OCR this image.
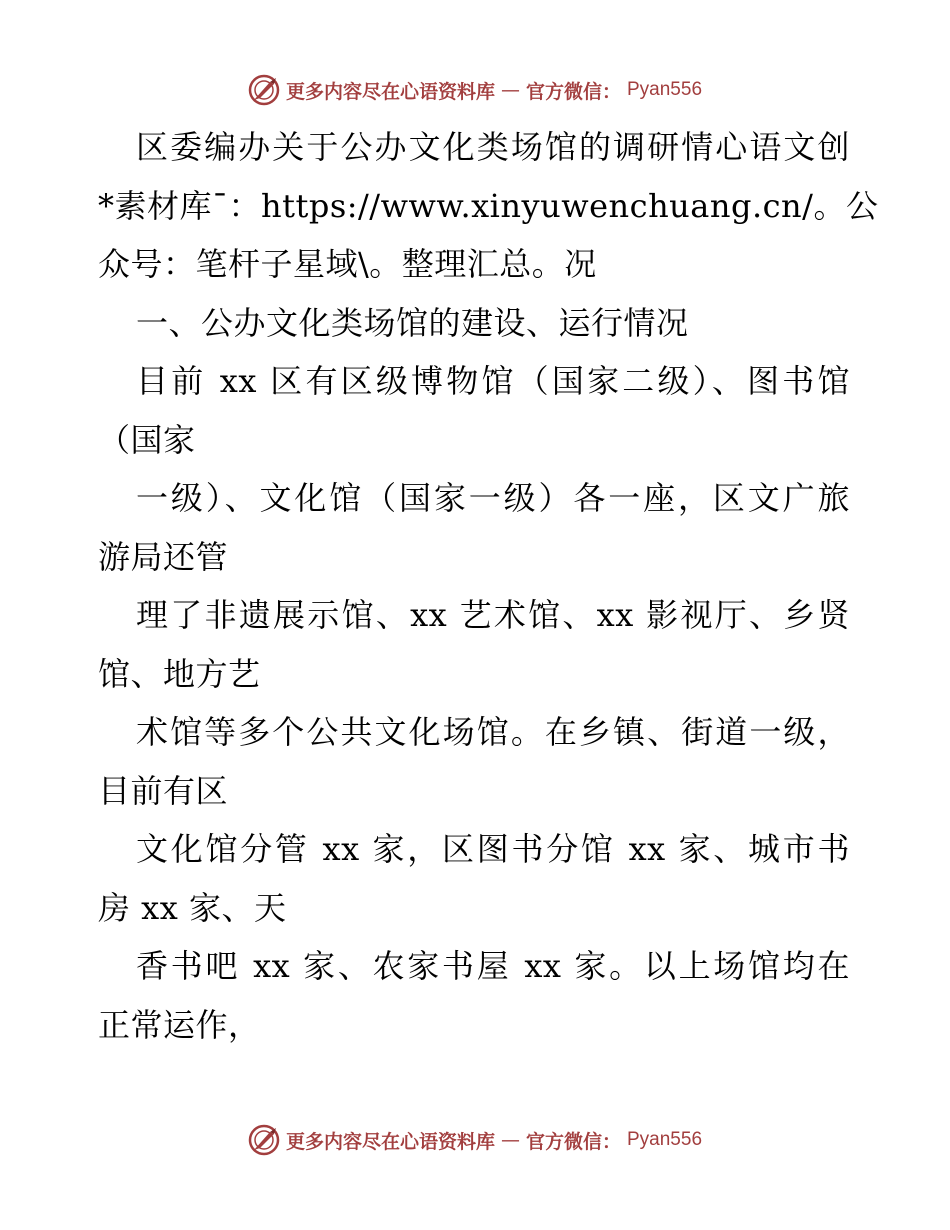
更多内容尽在心语资料库 — 官方微信： Pyan556
区委编办关于公办文化类场馆的调研情心语文创
*素材库¯：https://www.xinyuwenchuang.cn/。公
众号：笔杆子星域\。整理汇总。况
一、公办文化类场馆的建设、运行情况
目前 xx 区有区级博物馆（国家二级）、图书馆
（国家
一级）、文化馆（国家一级）各一座，区文广旅
游局还管
理了非遗展示馆、xx 艺术馆、xx 影视厅、乡贤
馆、地方艺
术馆等多个公共文化场馆。在乡镇、街道一级，
目前有区
文化馆分管 xx 家，区图书分馆 xx 家、城市书
房 xx 家、天
香书吧 xx 家、农家书屋 xx 家。以上场馆均在
正常运作，
更多内容尽在心语资料库 — 官方微信： Pyan556
